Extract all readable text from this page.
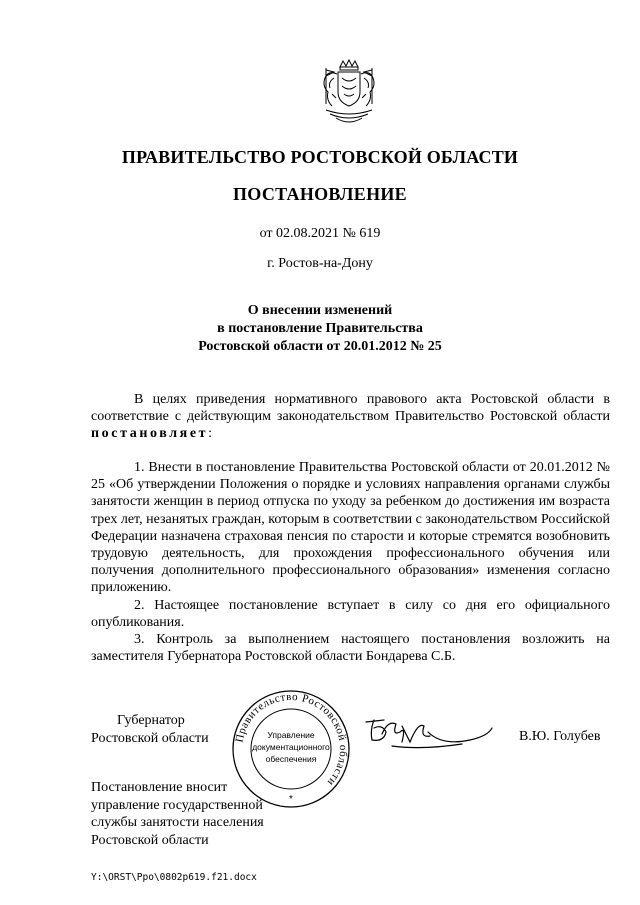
ПРАВИТЕЛЬСТВО РОСТОВСКОЙ ОБЛАСТИ
ПОСТАНОВЛЕНИЕ
от 02.08.2021 № 619
г. Ростов-на-Дону
О внесении изменений
в постановление Правительства
Ростовской области от 20.01.2012 № 25

В целях приведения нормативного правового акта Ростовской области в соответствие с действующим законодательством Правительство Ростовской области постановляет:

1. Внести в постановление Правительства Ростовской области от 20.01.2012 № 25 «Об утверждении Положения о порядке и условиях направления органами службы занятости женщин в период отпуска по уходу за ребенком до достижения им возраста трех лет, незанятых граждан, которым в соответствии с законодательством Российской Федерации назначена страховая пенсия по старости и которые стремятся возобновить трудовую деятельность, для прохождения профессионального обучения или получения дополнительного профессионального образования» изменения согласно приложению.

2. Настоящее постановление вступает в силу со дня его официального опубликования.

3. Контроль за выполнением настоящего постановления возложить на заместителя Губернатора Ростовской области Бондарева С.Б.

Губернатор
Ростовской области Правительство Ростовской области
Управление
документационного
обеспечения
*
В.Ю. Голубев
Постановление вносит
управление государственной
службы занятости населения
Ростовской области
Y:\ORST\Ppo\0802p619.f21.docx
